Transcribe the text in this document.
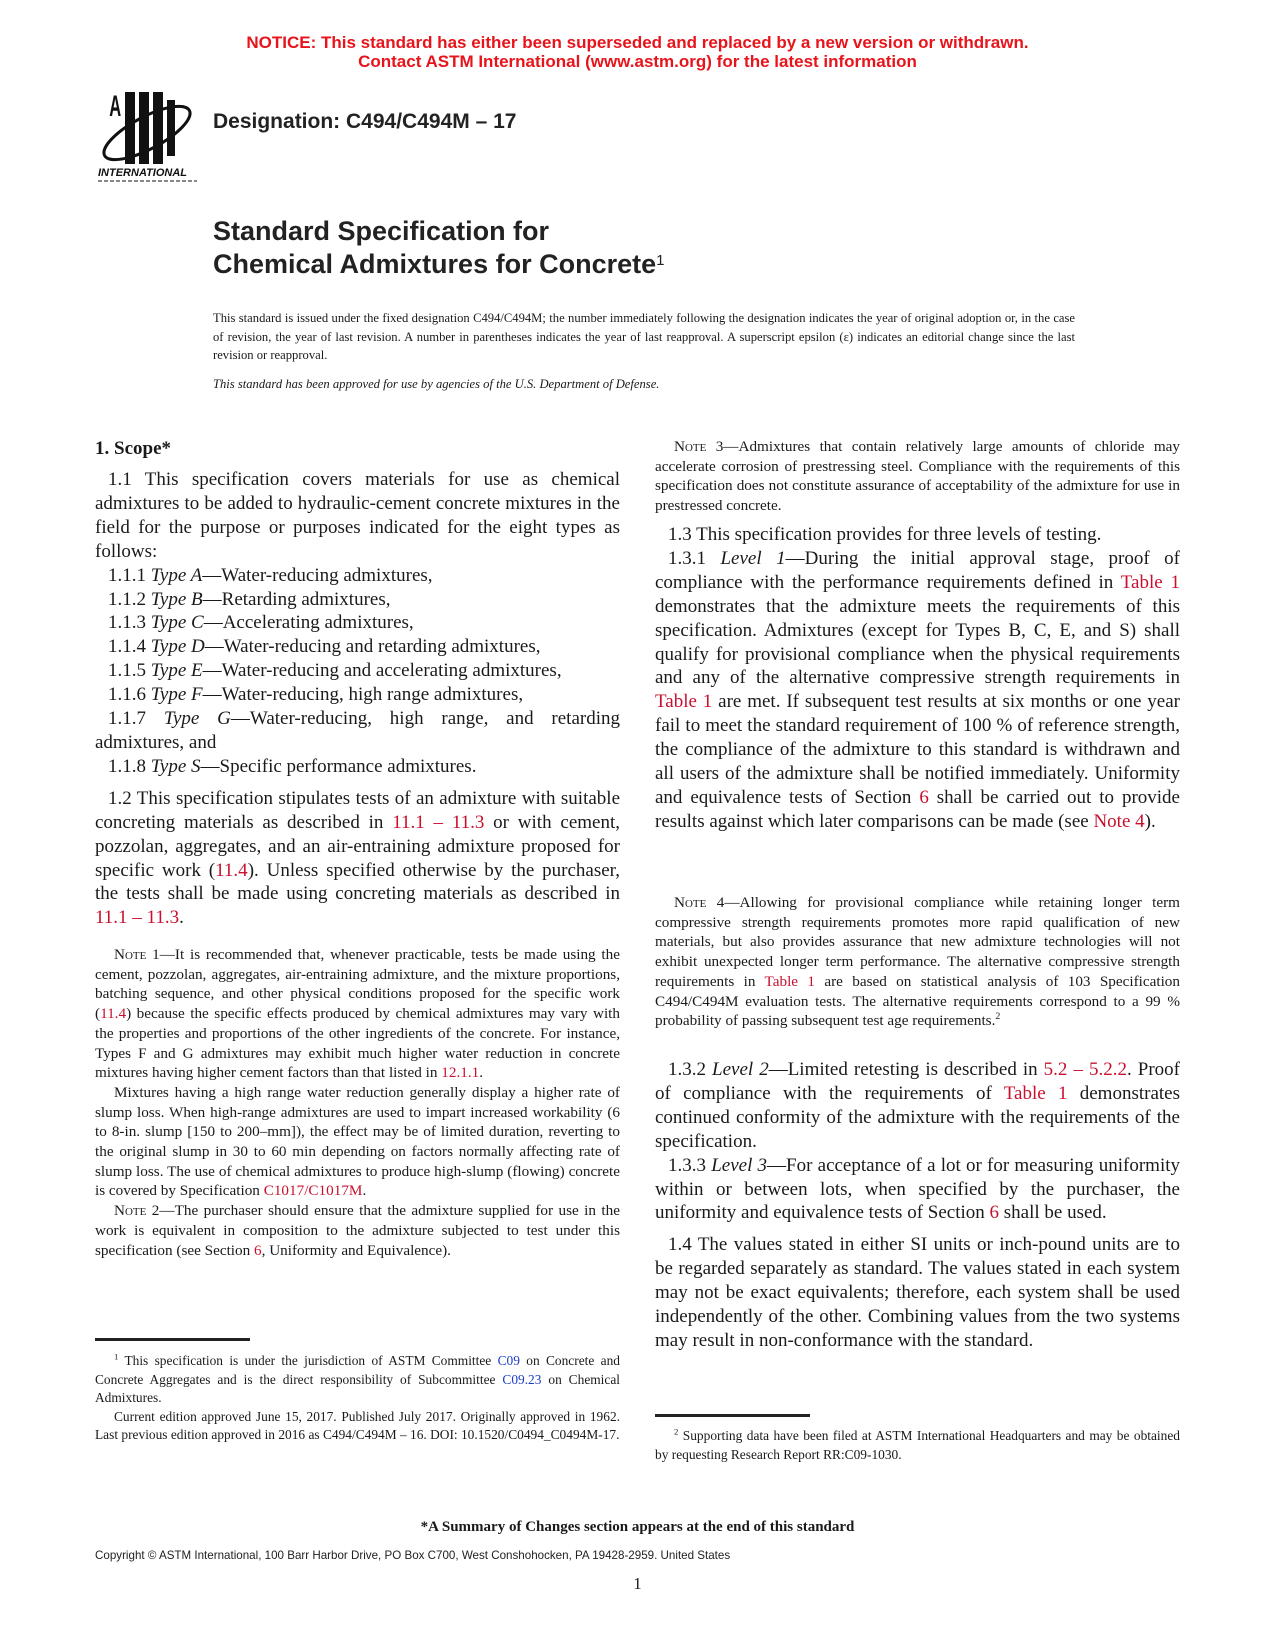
NOTICE: This standard has either been superseded and replaced by a new version or withdrawn.
Contact ASTM International (www.astm.org) for the latest information
A
INTERNATIONAL
Designation: C494/C494M – 17
Standard Specification for
Chemical Admixtures for Concrete$^1$
This standard is issued under the fixed designation C494/C494M; the number immediately following the designation indicates the year of original adoption or, in the case of revision, the year of last revision. A number in parentheses indicates the year of last reapproval. A superscript epsilon (ε) indicates an editorial change since the last revision or reapproval.
This standard has been approved for use by agencies of the U.S. Department of Defense.
1. Scope*

1.1 This specification covers materials for use as chemical admixtures to be added to hydraulic-cement concrete mixtures in the field for the purpose or purposes indicated for the eight types as follows:

1.1.1 Type A—Water-reducing admixtures,

1.1.2 Type B—Retarding admixtures,

1.1.3 Type C—Accelerating admixtures,

1.1.4 Type D—Water-reducing and retarding admixtures,

1.1.5 Type E—Water-reducing and accelerating admixtures,

1.1.6 Type F—Water-reducing, high range admixtures,

1.1.7 Type G—Water-reducing, high range, and retarding admixtures, and

1.1.8 Type S—Specific performance admixtures.

1.2 This specification stipulates tests of an admixture with suitable concreting materials as described in 11.1 – 11.3 or with cement, pozzolan, aggregates, and an air-entraining admixture proposed for specific work (11.4). Unless specified otherwise by the purchaser, the tests shall be made using concreting materials as described in 11.1 – 11.3.

Note 1—It is recommended that, whenever practicable, tests be made using the cement, pozzolan, aggregates, air-entraining admixture, and the mixture proportions, batching sequence, and other physical conditions proposed for the specific work (11.4) because the specific effects produced by chemical admixtures may vary with the properties and proportions of the other ingredients of the concrete. For instance, Types F and G admixtures may exhibit much higher water reduction in concrete mixtures having higher cement factors than that listed in 12.1.1.

Mixtures having a high range water reduction generally display a higher rate of slump loss. When high-range admixtures are used to impart increased workability (6 to 8-in. slump [150 to 200–mm]), the effect may be of limited duration, reverting to the original slump in 30 to 60 min depending on factors normally affecting rate of slump loss. The use of chemical admixtures to produce high-slump (flowing) concrete is covered by Specification C1017/C1017M.

Note 2—The purchaser should ensure that the admixture supplied for use in the work is equivalent in composition to the admixture subjected to test under this specification (see Section 6, Uniformity and Equivalence).

$^1$ This specification is under the jurisdiction of ASTM Committee C09 on Concrete and Concrete Aggregates and is the direct responsibility of Subcommittee C09.23 on Chemical Admixtures.

Current edition approved June 15, 2017. Published July 2017. Originally approved in 1962. Last previous edition approved in 2016 as C494/C494M – 16. DOI: 10.1520/C0494_C0494M-17.

Note 3—Admixtures that contain relatively large amounts of chloride may accelerate corrosion of prestressing steel. Compliance with the requirements of this specification does not constitute assurance of acceptability of the admixture for use in prestressed concrete.

1.3 This specification provides for three levels of testing.

1.3.1 Level 1—During the initial approval stage, proof of compliance with the performance requirements defined in Table 1 demonstrates that the admixture meets the requirements of this specification. Admixtures (except for Types B, C, E, and S) shall qualify for provisional compliance when the physical requirements and any of the alternative compressive strength requirements in Table 1 are met. If subsequent test results at six months or one year fail to meet the standard requirement of 100 % of reference strength, the compliance of the admixture to this standard is withdrawn and all users of the admixture shall be notified immediately. Uniformity and equivalence tests of Section 6 shall be carried out to provide results against which later comparisons can be made (see Note 4).

Note 4—Allowing for provisional compliance while retaining longer term compressive strength requirements promotes more rapid qualification of new materials, but also provides assurance that new admixture technologies will not exhibit unexpected longer term performance. The alternative compressive strength requirements in Table 1 are based on statistical analysis of 103 Specification C494/C494M evaluation tests. The alternative requirements correspond to a 99 % probability of passing subsequent test age requirements.$^2$

1.3.2 Level 2—Limited retesting is described in 5.2 – 5.2.2. Proof of compliance with the requirements of Table 1 demonstrates continued conformity of the admixture with the requirements of the specification.

1.3.3 Level 3—For acceptance of a lot or for measuring uniformity within or between lots, when specified by the purchaser, the uniformity and equivalence tests of Section 6 shall be used.

1.4 The values stated in either SI units or inch-pound units are to be regarded separately as standard. The values stated in each system may not be exact equivalents; therefore, each system shall be used independently of the other. Combining values from the two systems may result in non-conformance with the standard.

$^2$ Supporting data have been filed at ASTM International Headquarters and may be obtained by requesting Research Report RR:C09-1030.

*A Summary of Changes section appears at the end of this standard
Copyright © ASTM International, 100 Barr Harbor Drive, PO Box C700, West Conshohocken, PA 19428-2959. United States
1
